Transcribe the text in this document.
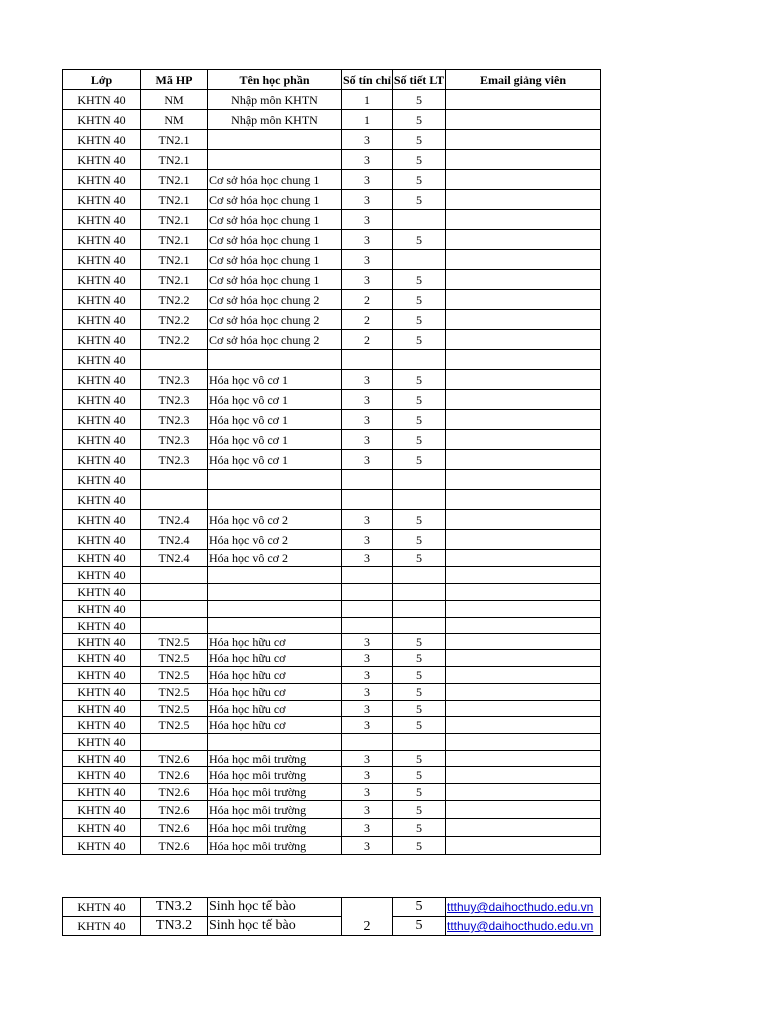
Lớp	Mã HP	Tên học phần	Số tín chỉ	Số tiết LT	Email giảng viên
KHTN 40	NM	Nhập môn KHTN	1	5	
KHTN 40	NM	Nhập môn KHTN	1	5	
KHTN 40	TN2.1		3	5	
KHTN 40	TN2.1		3	5	
KHTN 40	TN2.1	Cơ sở hóa học chung 1	3	5	
KHTN 40	TN2.1	Cơ sở hóa học chung 1	3	5	
KHTN 40	TN2.1	Cơ sở hóa học chung 1	3		
KHTN 40	TN2.1	Cơ sở hóa học chung 1	3	5	
KHTN 40	TN2.1	Cơ sở hóa học chung 1	3		
KHTN 40	TN2.1	Cơ sở hóa học chung 1	3	5	
KHTN 40	TN2.2	Cơ sở hóa học chung 2	2	5	
KHTN 40	TN2.2	Cơ sở hóa học chung 2	2	5	
KHTN 40	TN2.2	Cơ sở hóa học chung 2	2	5	
KHTN 40					
KHTN 40	TN2.3	Hóa học vô cơ 1	3	5	
KHTN 40	TN2.3	Hóa học vô cơ 1	3	5	
KHTN 40	TN2.3	Hóa học vô cơ 1	3	5	
KHTN 40	TN2.3	Hóa học vô cơ 1	3	5	
KHTN 40	TN2.3	Hóa học vô cơ 1	3	5	
KHTN 40					
KHTN 40					
KHTN 40	TN2.4	Hóa học vô cơ 2	3	5	
KHTN 40	TN2.4	Hóa học vô cơ 2	3	5	
KHTN 40	TN2.4	Hóa học vô cơ 2	3	5	
KHTN 40					
KHTN 40					
KHTN 40					
KHTN 40					
KHTN 40	TN2.5	Hóa học hữu cơ	3	5	
KHTN 40	TN2.5	Hóa học hữu cơ	3	5	
KHTN 40	TN2.5	Hóa học hữu cơ	3	5	
KHTN 40	TN2.5	Hóa học hữu cơ	3	5	
KHTN 40	TN2.5	Hóa học hữu cơ	3	5	
KHTN 40	TN2.5	Hóa học hữu cơ	3	5	
KHTN 40					
KHTN 40	TN2.6	Hóa học môi trường	3	5	
KHTN 40	TN2.6	Hóa học môi trường	3	5	
KHTN 40	TN2.6	Hóa học môi trường	3	5	
KHTN 40	TN2.6	Hóa học môi trường	3	5	
KHTN 40	TN2.6	Hóa học môi trường	3	5	
KHTN 40	TN2.6	Hóa học môi trường	3	5	
KHTN 40	TN3.2	Sinh học tế bào	2	5	ttthuy@daihocthudo.edu.vn
KHTN 40	TN3.2	Sinh học tế bào		5	ttthuy@daihocthudo.edu.vn
